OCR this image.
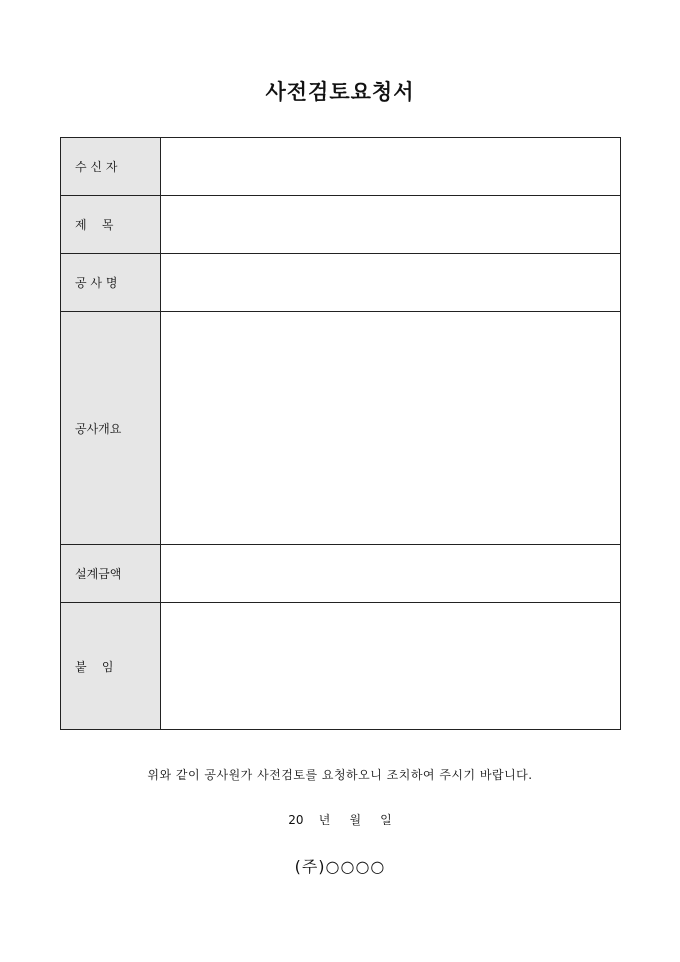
사전검토요청서
수 신 자	
제    목	
공 사 명	
공사개요	
설계금액	
붙    임	
위와 같이 공사원가 사전검토를 요청하오니 조치하여 주시기 바랍니다.
20    년     월     일
(주)○○○○
